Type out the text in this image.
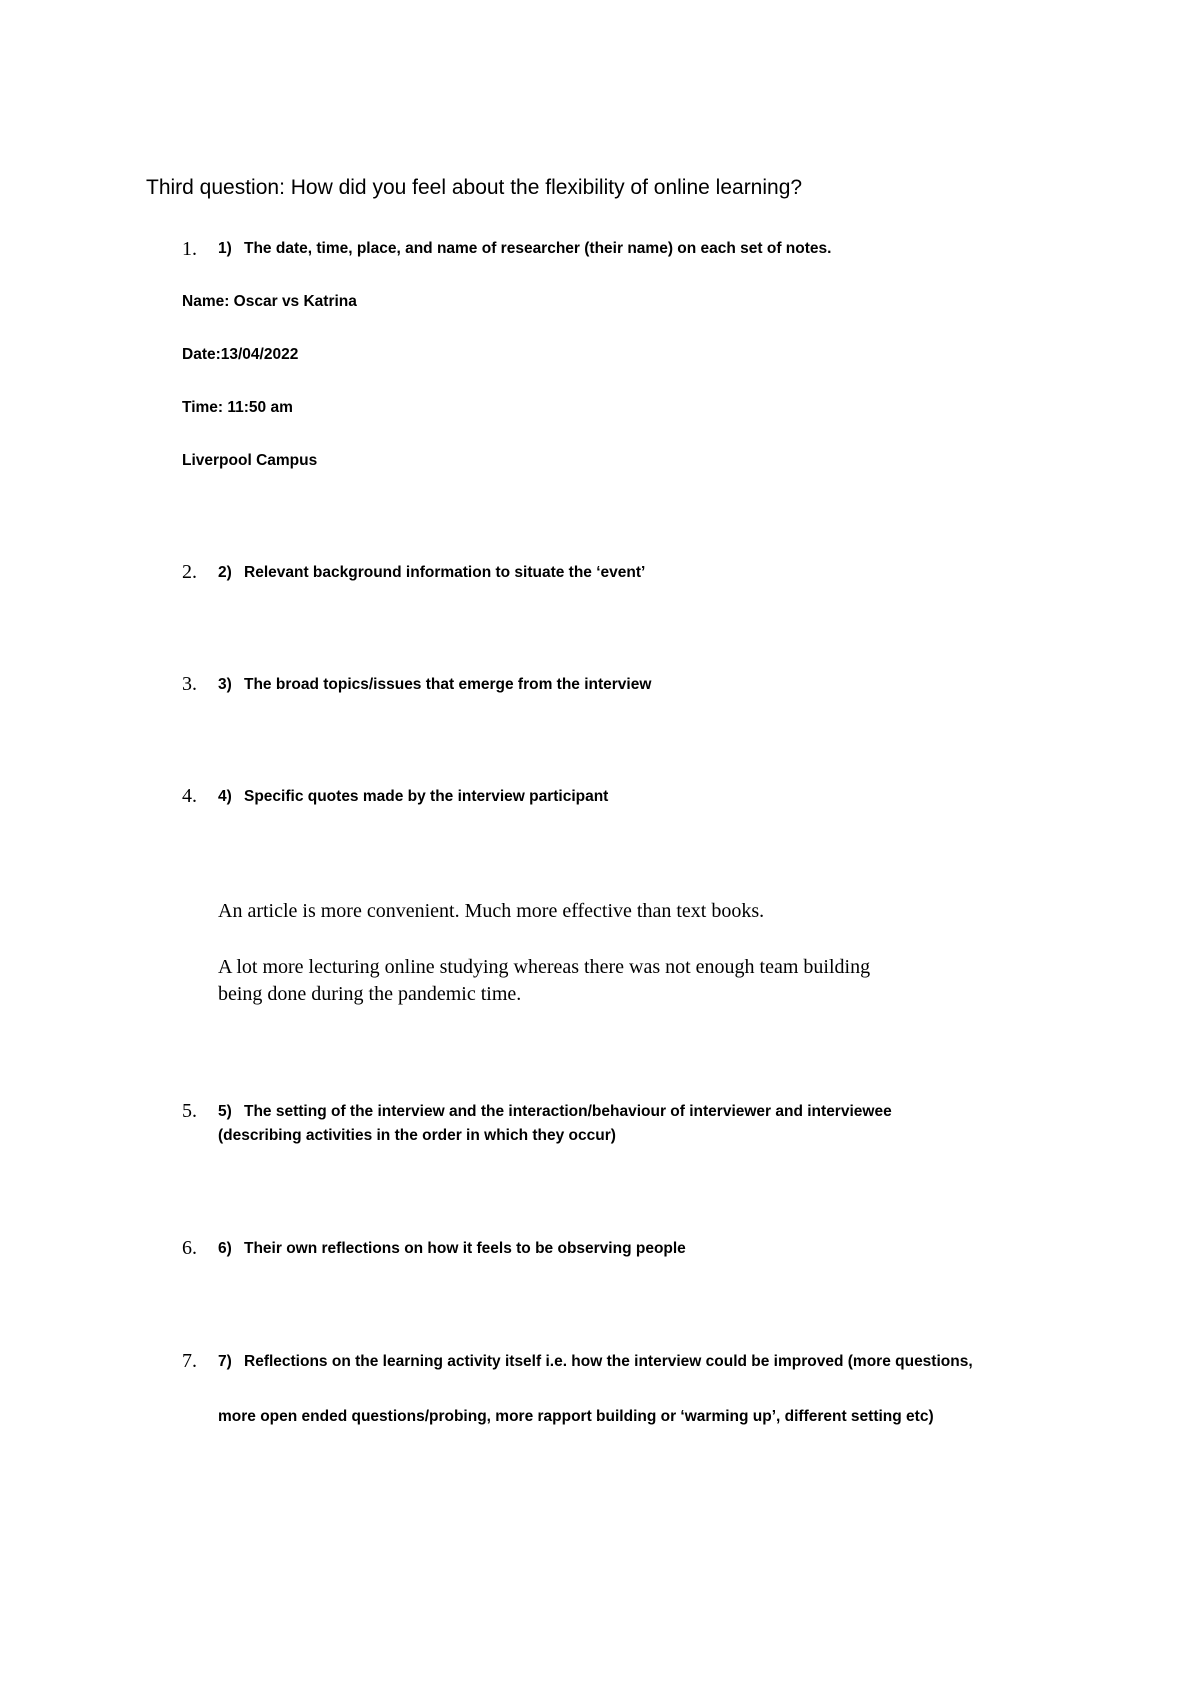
Third question: How did you feel about the flexibility of online learning?
1. 1) The date, time, place, and name of researcher (their name) on each set of notes.
Name: Oscar vs Katrina
Date:13/04/2022
Time: 11:50 am
Liverpool Campus
2. 2) Relevant background information to situate the ‘event’
3. 3) The broad topics/issues that emerge from the interview
4. 4) Specific quotes made by the interview participant
An article is more convenient. Much more effective than text books.
A lot more lecturing online studying whereas there was not enough team building
being done during the pandemic time.
5. 5) The setting of the interview and the interaction/behaviour of interviewer and interviewee
(describing activities in the order in which they occur)
6. 6) Their own reflections on how it feels to be observing people
7. 7) Reflections on the learning activity itself i.e. how the interview could be improved (more questions,
more open ended questions/probing, more rapport building or ‘warming up’, different setting etc)
